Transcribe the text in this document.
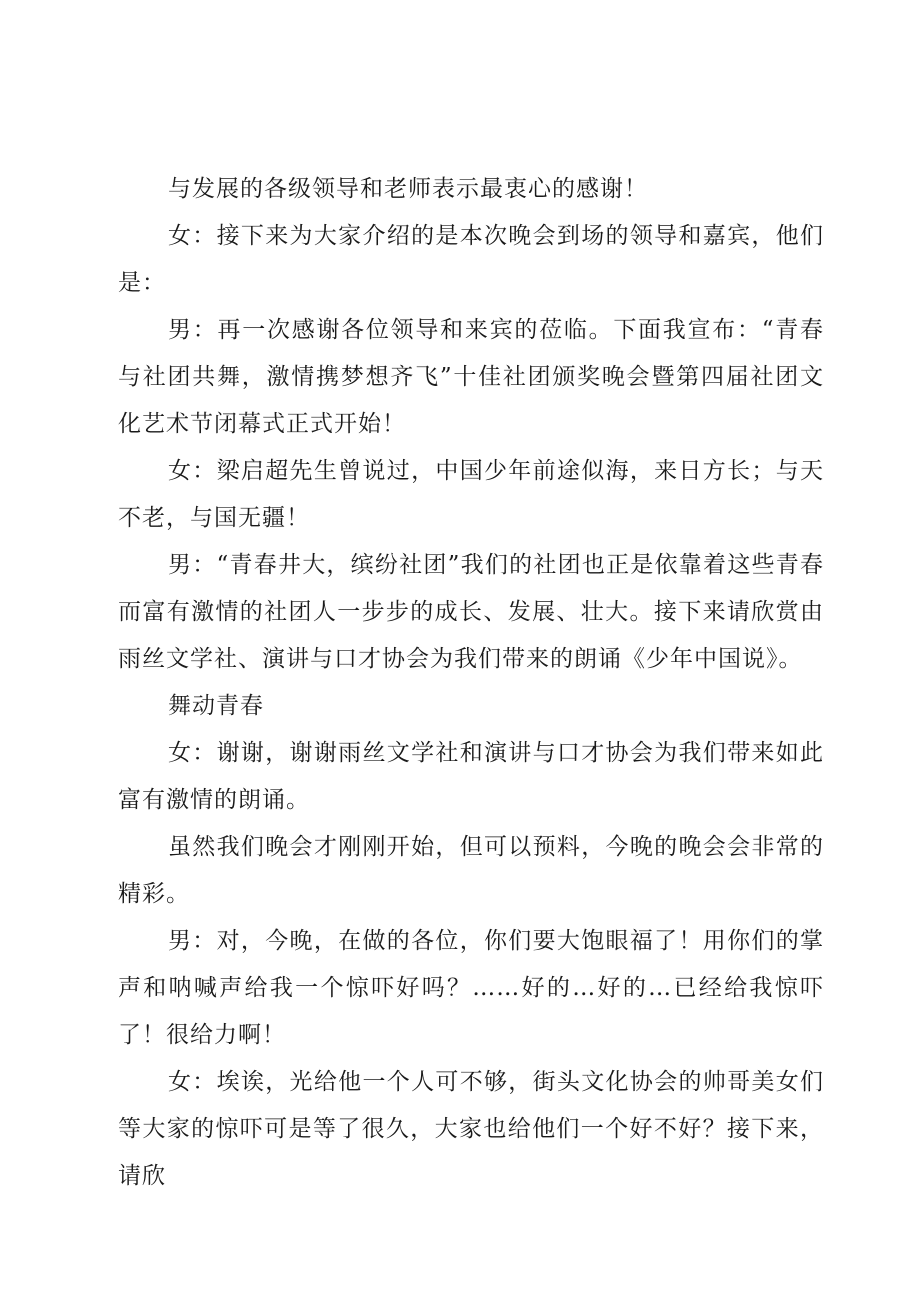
与发展的各级领导和老师表示最衷心的感谢！

女：接下来为大家介绍的是本次晚会到场的领导和嘉宾，他们是：

男：再一次感谢各位领导和来宾的莅临。下面我宣布：“青春与社团共舞，激情携梦想齐飞”十佳社团颁奖晚会暨第四届社团文化艺术节闭幕式正式开始！

女：梁启超先生曾说过，中国少年前途似海，来日方长；与天不老，与国无疆！

男：“青春井大，缤纷社团”我们的社团也正是依靠着这些青春而富有激情的社团人一步步的成长、发展、壮大。接下来请欣赏由雨丝文学社、演讲与口才协会为我们带来的朗诵《少年中国说》。

舞动青春

女：谢谢，谢谢雨丝文学社和演讲与口才协会为我们带来如此富有激情的朗诵。

虽然我们晚会才刚刚开始，但可以预料，今晚的晚会会非常的精彩。

男：对，今晚，在做的各位，你们要大饱眼福了！用你们的掌声和呐喊声给我一个惊吓好吗？……好的…好的…已经给我惊吓了！很给力啊！

女：埃诶，光给他一个人可不够，街头文化协会的帅哥美女们等大家的惊吓可是等了很久，大家也给他们一个好不好？接下来，请欣
